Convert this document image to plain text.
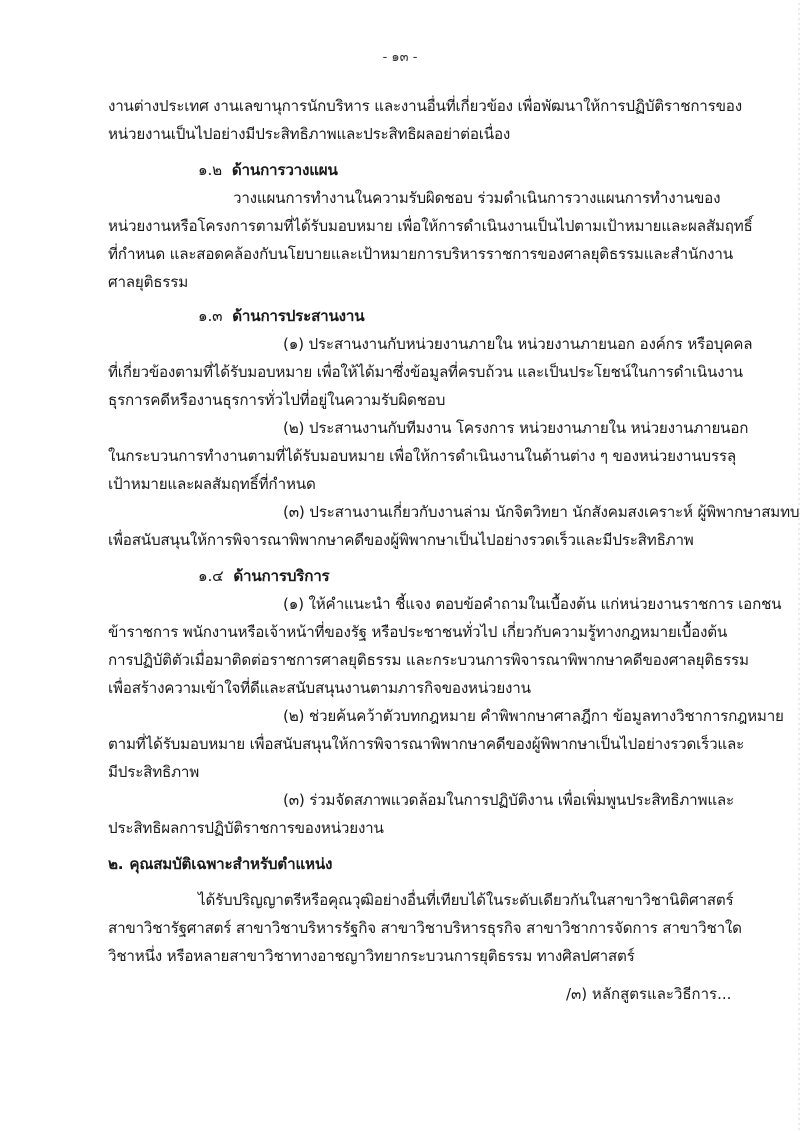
- ๑๓ -
งานต่างประเทศ งานเลขานุการนักบริหาร และงานอื่นที่เกี่ยวข้อง เพื่อพัฒนาให้การปฏิบัติราชการของ
หน่วยงานเป็นไปอย่างมีประสิทธิภาพและประสิทธิผลอย่าต่อเนื่อง
๑.๒ ด้านการวางแผน
วางแผนการทำงานในความรับผิดชอบ ร่วมดำเนินการวางแผนการทำงานของ
หน่วยงานหรือโครงการตามที่ได้รับมอบหมาย เพื่อให้การดำเนินงานเป็นไปตามเป้าหมายและผลสัมฤทธิ์
ที่กำหนด และสอดคล้องกับนโยบายและเป้าหมายการบริหารราชการของศาลยุติธรรมและสำนักงาน
ศาลยุติธรรม
๑.๓ ด้านการประสานงาน
(๑) ประสานงานกับหน่วยงานภายใน หน่วยงานภายนอก องค์กร หรือบุคคล
ที่เกี่ยวข้องตามที่ได้รับมอบหมาย เพื่อให้ได้มาซึ่งข้อมูลที่ครบถ้วน และเป็นประโยชน์ในการดำเนินงาน
ธุรการคดีหรืองานธุรการทั่วไปที่อยู่ในความรับผิดชอบ
(๒) ประสานงานกับทีมงาน โครงการ หน่วยงานภายใน หน่วยงานภายนอก
ในกระบวนการทำงานตามที่ได้รับมอบหมาย เพื่อให้การดำเนินงานในด้านต่าง ๆ ของหน่วยงานบรรลุ
เป้าหมายและผลสัมฤทธิ์ที่กำหนด
(๓) ประสานงานเกี่ยวกับงานล่าม นักจิตวิทยา นักสังคมสงเคราะห์ ผู้พิพากษาสมทบ
เพื่อสนับสนุนให้การพิจารณาพิพากษาคดีของผู้พิพากษาเป็นไปอย่างรวดเร็วและมีประสิทธิภาพ
๑.๔ ด้านการบริการ
(๑) ให้คำแนะนำ ชี้แจง ตอบข้อคำถามในเบื้องต้น แก่หน่วยงานราชการ เอกชน
ข้าราชการ พนักงานหรือเจ้าหน้าที่ของรัฐ หรือประชาชนทั่วไป เกี่ยวกับความรู้ทางกฎหมายเบื้องต้น
การปฏิบัติตัวเมื่อมาติดต่อราชการศาลยุติธรรม และกระบวนการพิจารณาพิพากษาคดีของศาลยุติธรรม
เพื่อสร้างความเข้าใจที่ดีและสนับสนุนงานตามภารกิจของหน่วยงาน
(๒) ช่วยค้นคว้าตัวบทกฎหมาย คำพิพากษาศาลฎีกา ข้อมูลทางวิชาการกฎหมาย
ตามที่ได้รับมอบหมาย เพื่อสนับสนุนให้การพิจารณาพิพากษาคดีของผู้พิพากษาเป็นไปอย่างรวดเร็วและ
มีประสิทธิภาพ
(๓) ร่วมจัดสภาพแวดล้อมในการปฏิบัติงาน เพื่อเพิ่มพูนประสิทธิภาพและ
ประสิทธิผลการปฏิบัติราชการของหน่วยงาน
๒. คุณสมบัติเฉพาะสำหรับตำแหน่ง
ได้รับปริญญาตรีหรือคุณวุฒิอย่างอื่นที่เทียบได้ในระดับเดียวกันในสาขาวิชานิติศาสตร์
สาขาวิชารัฐศาสตร์ สาขาวิชาบริหารรัฐกิจ สาขาวิชาบริหารธุรกิจ สาขาวิชาการจัดการ สาขาวิชาใด
วิชาหนึ่ง หรือหลายสาขาวิชาทางอาชญาวิทยากระบวนการยุติธรรม ทางศิลปศาสตร์
/๓) หลักสูตรและวิธีการ...
